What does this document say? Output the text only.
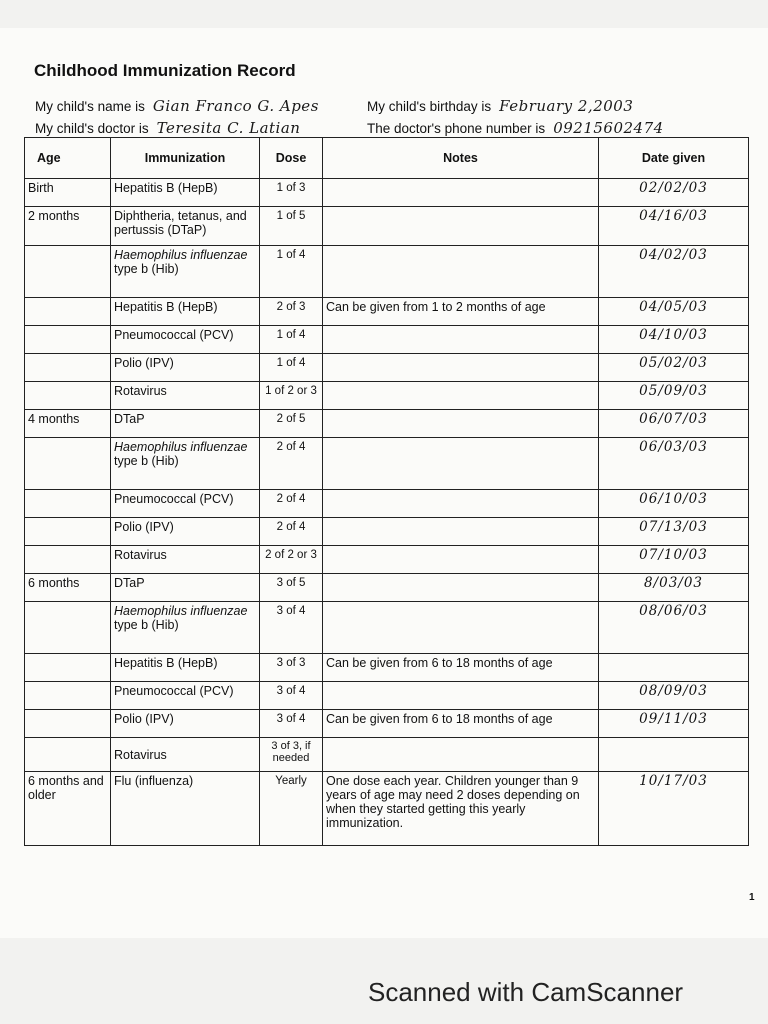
Childhood Immunization Record
My child's name is Gian Franco G. Apes	My child's birthday is February 2,2003
My child's doctor is Teresita C. Latian	The doctor's phone number is 09215602474
Age	Immunization	Dose	Notes	Date given
Birth	Hepatitis B (HepB)	1 of 3		02/02/03
2 months	Diphtheria, tetanus, and pertussis (DTaP)	1 of 5		04/16/03
	Haemophilus influenzae type b (Hib)	1 of 4		04/02/03
	Hepatitis B (HepB)	2 of 3	Can be given from 1 to 2 months of age	04/05/03
	Pneumococcal (PCV)	1 of 4		04/10/03
	Polio (IPV)	1 of 4		05/02/03
	Rotavirus	1 of 2 or 3		05/09/03
4 months	DTaP	2 of 5		06/07/03
	Haemophilus influenzae type b (Hib)	2 of 4		06/03/03
	Pneumococcal (PCV)	2 of 4		06/10/03
	Polio (IPV)	2 of 4		07/13/03
	Rotavirus	2 of 2 or 3		07/10/03
6 months	DTaP	3 of 5		8/03/03
	Haemophilus influenzae type b (Hib)	3 of 4		08/06/03
	Hepatitis B (HepB)	3 of 3	Can be given from 6 to 18 months of age	
	Pneumococcal (PCV)	3 of 4		08/09/03
	Polio (IPV)	3 of 4	Can be given from 6 to 18 months of age	09/11/03
	Rotavirus	3 of 3, if needed		
6 months and older	Flu (influenza)	Yearly	One dose each year. Children younger than 9 years of age may need 2 doses depending on when they started getting this yearly immunization.	10/17/03
1
Scanned with CamScanner
